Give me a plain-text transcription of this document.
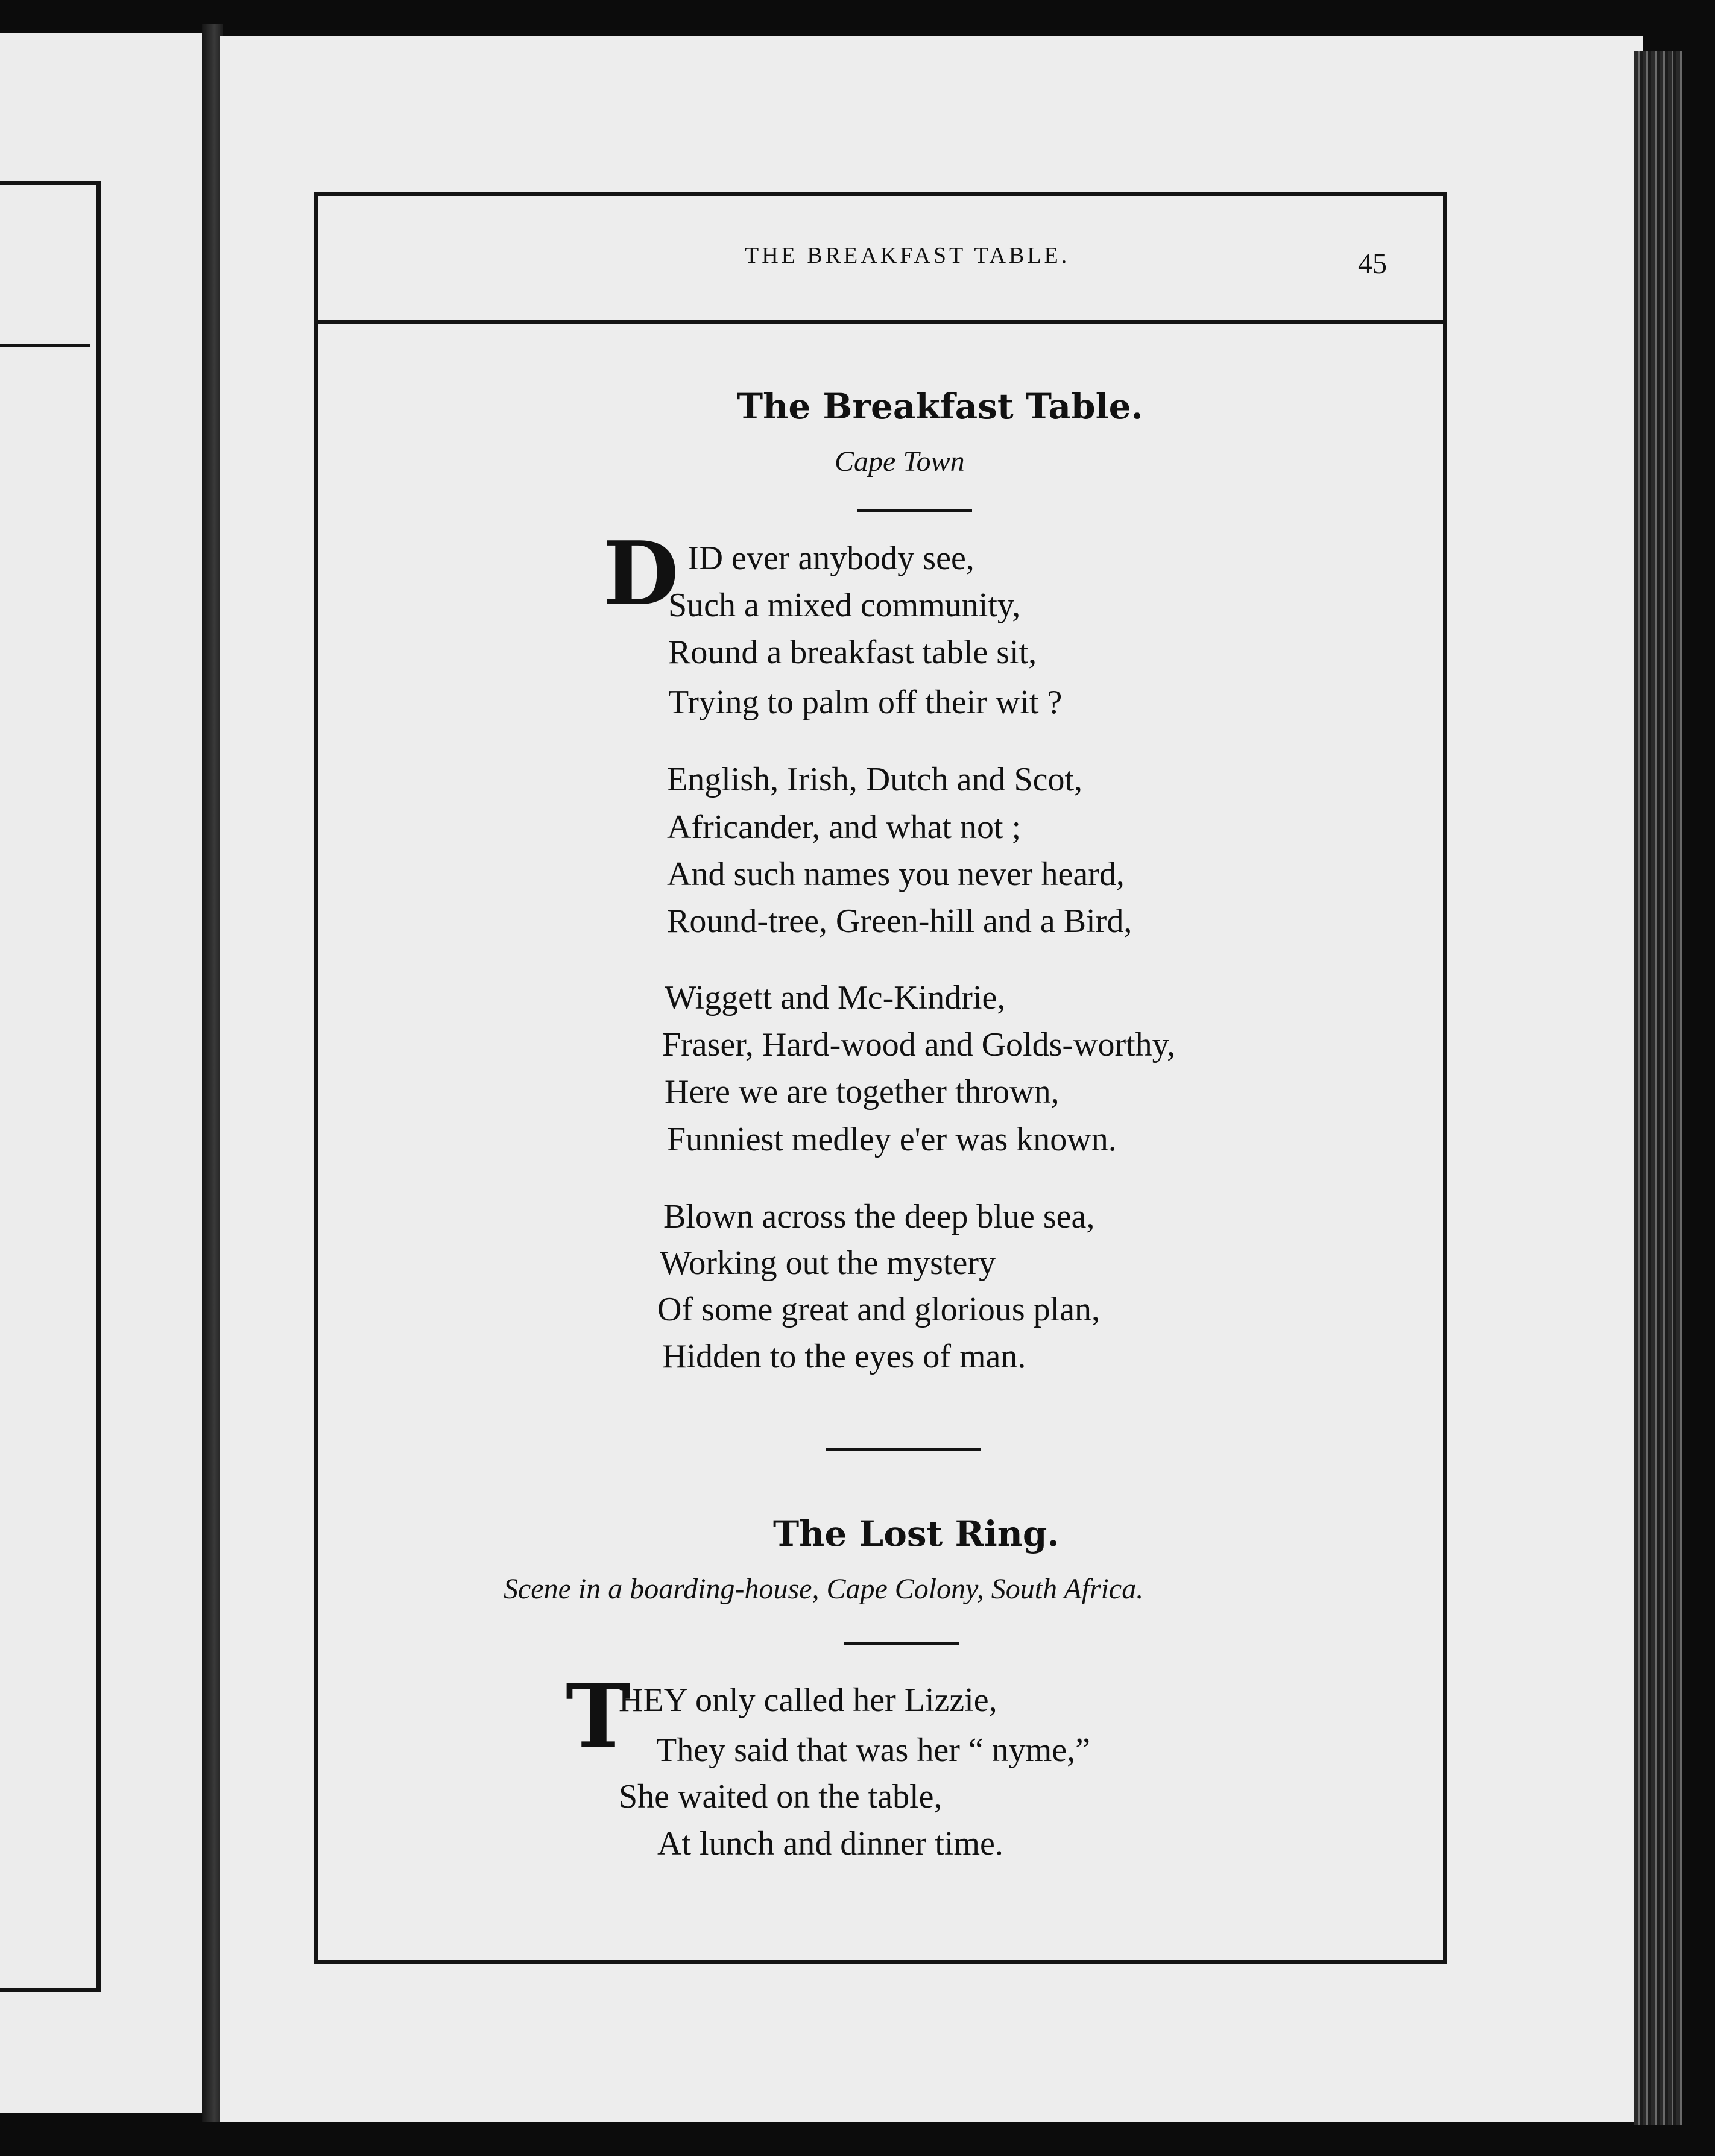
THE BREAKFAST TABLE.	45
The Breakfast Table.
Cape Town
D ID ever anybody see,
Such a mixed community,
Round a breakfast table sit,
Trying to palm off their wit ?
English, Irish, Dutch and Scot,
Africander, and what not ;
And such names you never heard,
Round-tree, Green-hill and a Bird,
Wiggett and Mc-Kindrie,
Fraser, Hard-wood and Golds-worthy,
Here we are together thrown,
Funniest medley e'er was known.
Blown across the deep blue sea,
Working out the mystery
Of some great and glorious plan,
Hidden to the eyes of man.
The Lost Ring.
Scene in a boarding-house, Cape Colony, South Africa.
T
HEY only called her Lizzie,
They said that was her “ nyme,”
She waited on the table,
At lunch and dinner time.
